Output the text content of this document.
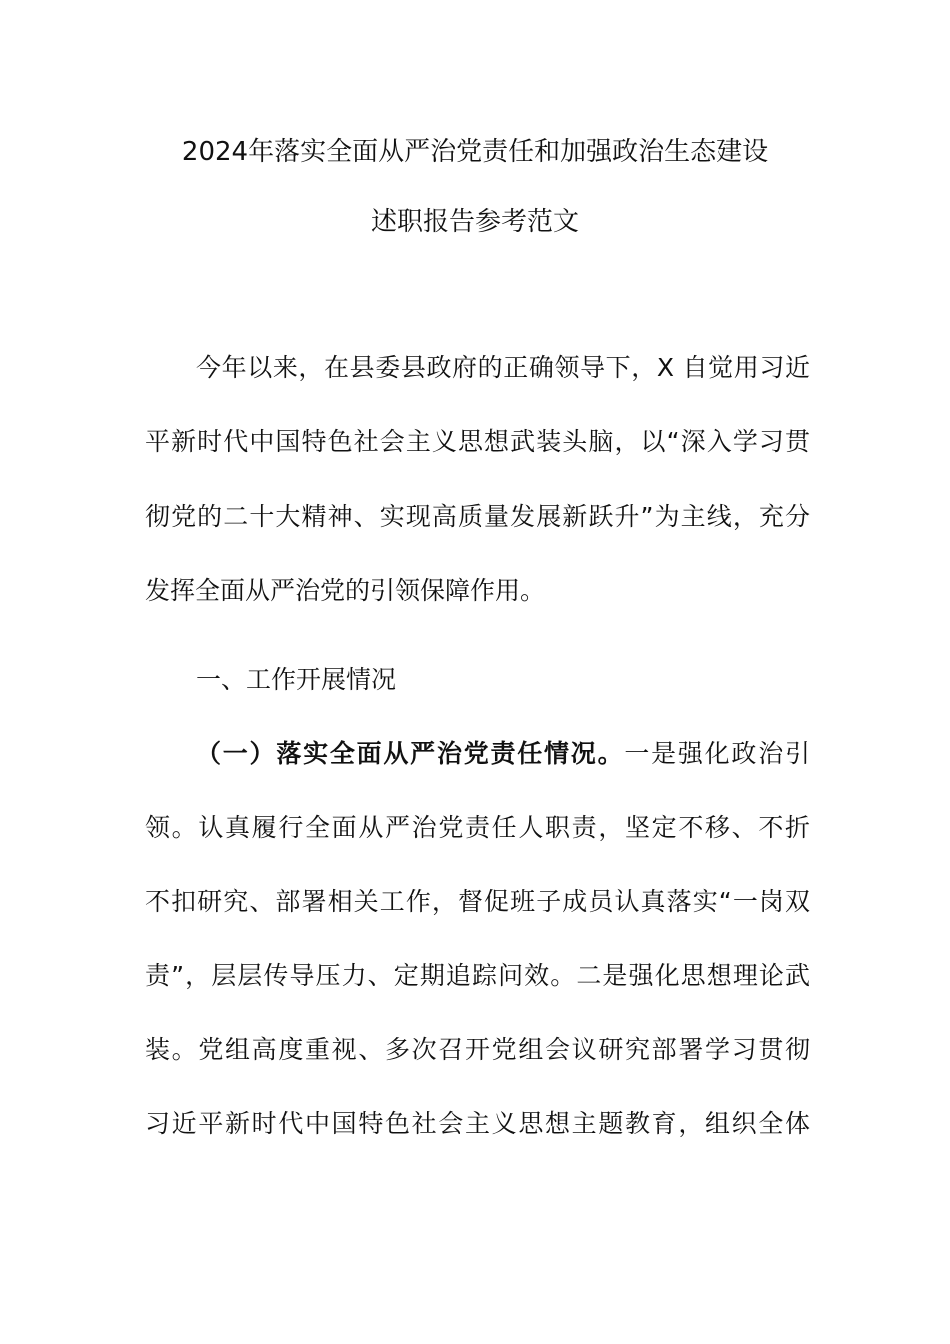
2024年落实全面从严治党责任和加强政治生态建设
述职报告参考范文
今年以来，在县委县政府的正确领导下，X 自觉用习近
平新时代中国特色社会主义思想武装头脑，以“深入学习贯
彻党的二十大精神、实现高质量发展新跃升”为主线，充分
发挥全面从严治党的引领保障作用。
一、工作开展情况
（一）落实全面从严治党责任情况。一是强化政治引
领。认真履行全面从严治党责任人职责，坚定不移、不折
不扣研究、部署相关工作，督促班子成员认真落实“一岗双
责”，层层传导压力、定期追踪问效。二是强化思想理论武
装。党组高度重视、多次召开党组会议研究部署学习贯彻
习近平新时代中国特色社会主义思想主题教育，组织全体
